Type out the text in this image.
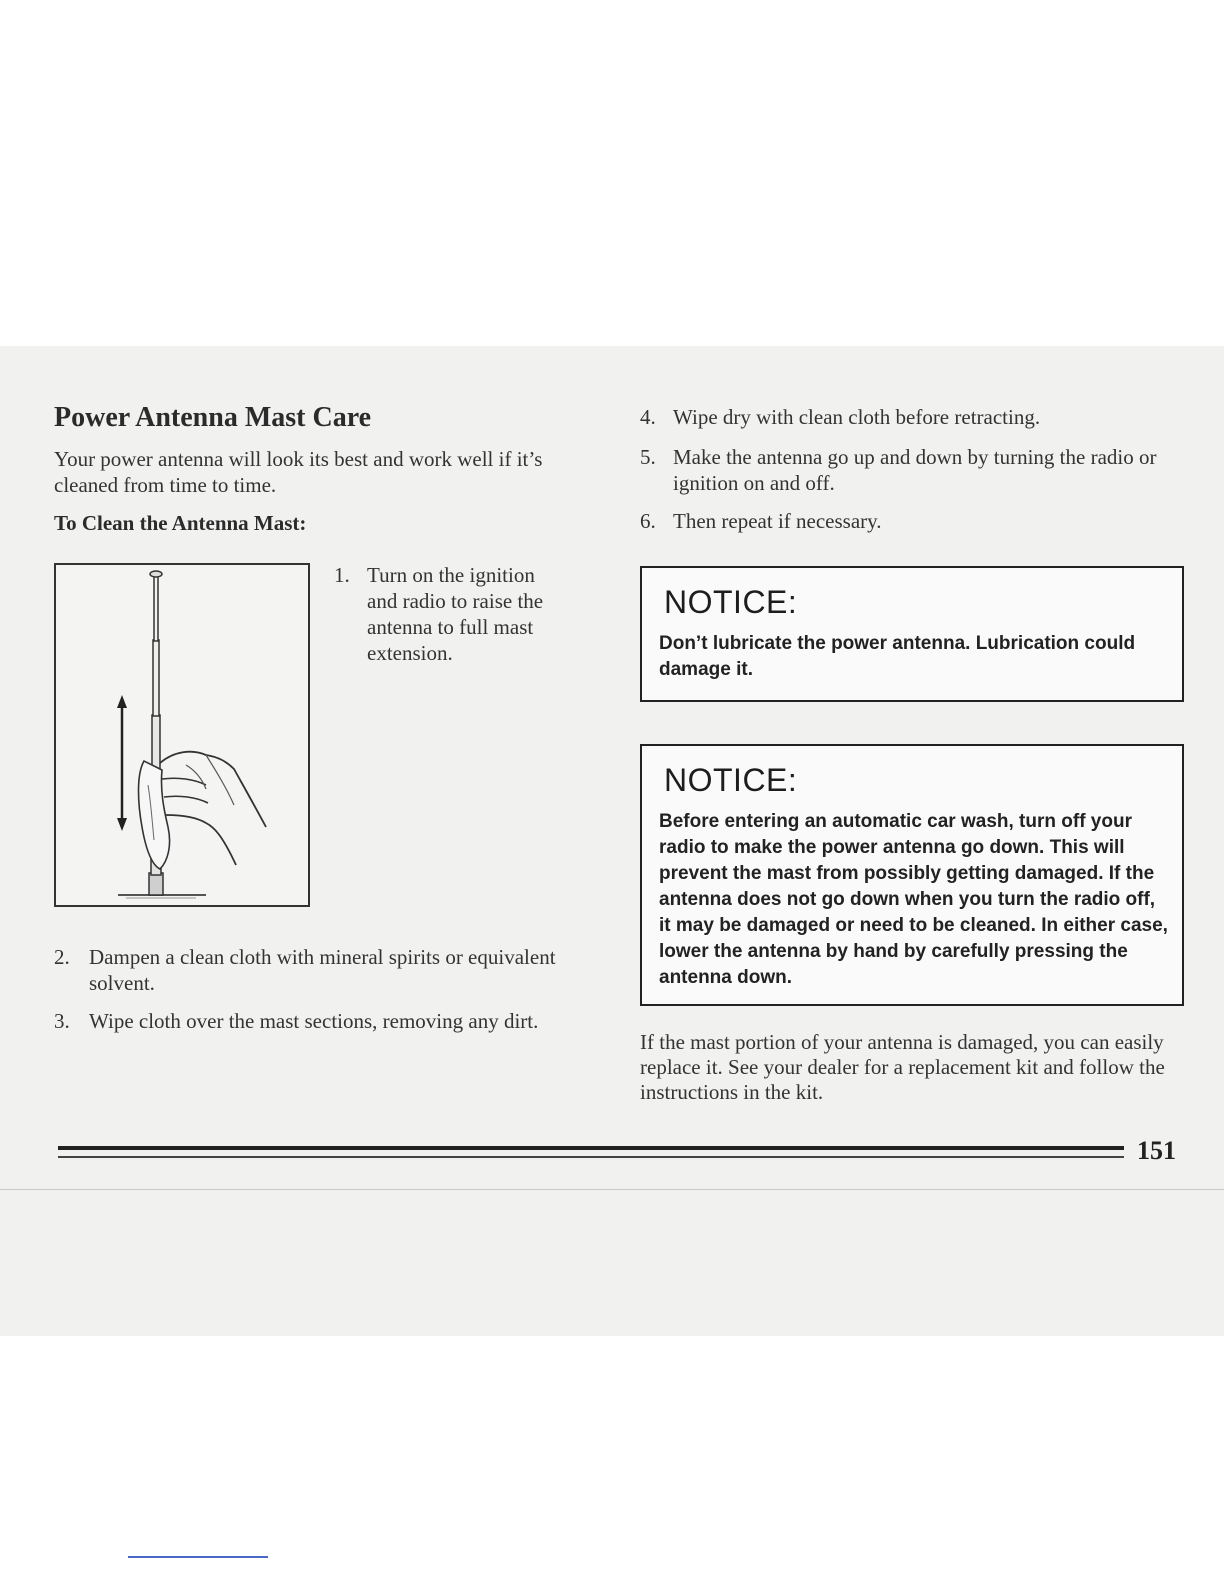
Power Antenna Mast Care

Your power antenna will look its best and work well if it’s cleaned from time to time.

To Clean the Antenna Mast:
1. Turn on the ignition and radio to raise the antenna to full mast extension.
2. Dampen a clean cloth with mineral spirits or equivalent solvent.
3. Wipe cloth over the mast sections, removing any dirt.
4. Wipe dry with clean cloth before retracting.
5. Make the antenna go up and down by turning the radio or ignition on and off.
6. Then repeat if necessary.
NOTICE:
Don’t lubricate the power antenna. Lubrication could damage it.
NOTICE:
Before entering an automatic car wash, turn off your radio to make the power antenna go down. This will prevent the mast from possibly getting damaged. If the antenna does not go down when you turn the radio off, it may be damaged or need to be cleaned. In either case, lower the antenna by hand by carefully pressing the antenna down.

If the mast portion of your antenna is damaged, you can easily replace it. See your dealer for a replacement kit and follow the instructions in the kit.

151
